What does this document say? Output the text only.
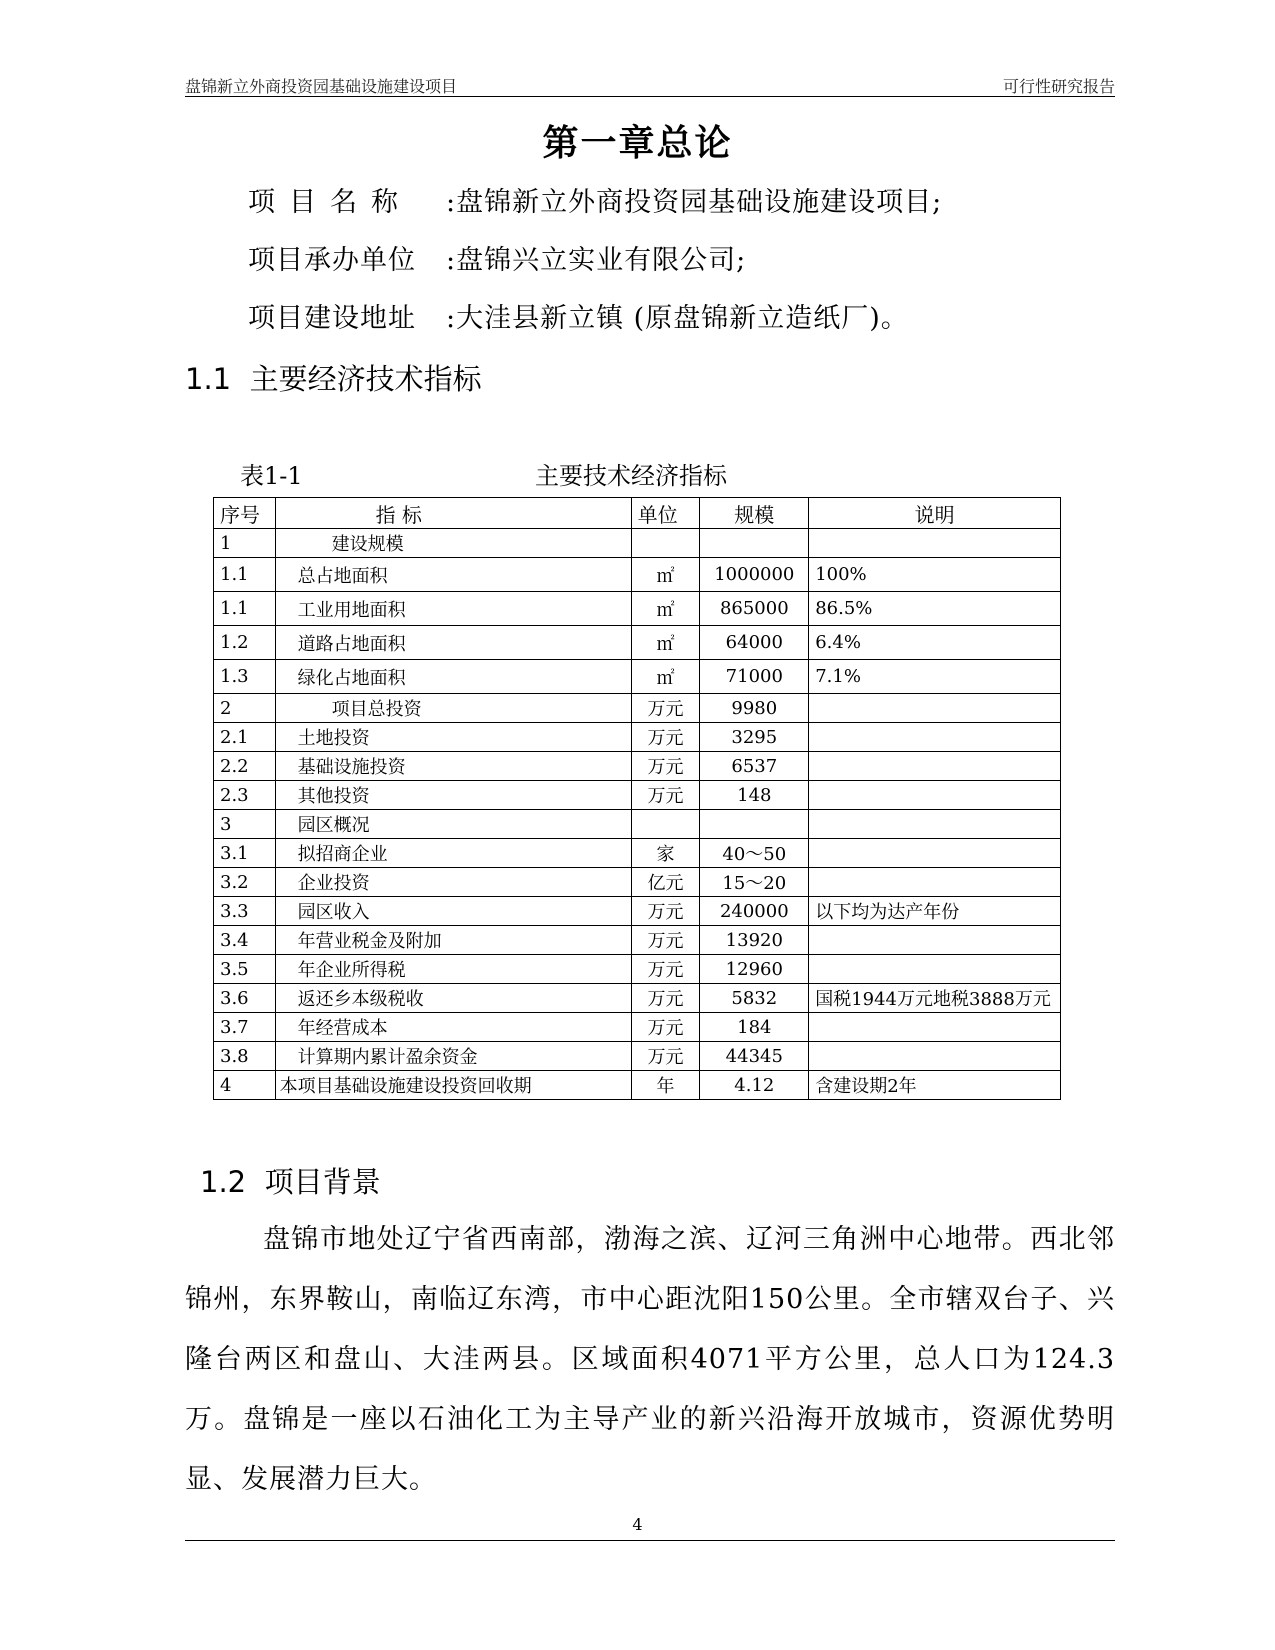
盘锦新立外商投资园基础设施建设项目	可行性研究报告
第一章总论
项目名称 :盘锦新立外商投资园基础设施建设项目;
项目承办单位 :盘锦兴立实业有限公司;
项目建设地址 :大洼县新立镇 (原盘锦新立造纸厂)。
1.1 主要经济技术指标
表1-1	主要技术经济指标
序号	指 标	单位	规模	说明
1	建设规模			
1.1	总占地面积	㎡	1000000	100%
1.1	工业用地面积	㎡	865000	86.5%
1.2	道路占地面积	㎡	64000	6.4%
1.3	绿化占地面积	㎡	71000	7.1%
2	项目总投资	万元	9980	
2.1	土地投资	万元	3295	
2.2	基础设施投资	万元	6537	
2.3	其他投资	万元	148	
3	园区概况			
3.1	拟招商企业	家	40～50	
3.2	企业投资	亿元	15～20	
3.3	园区收入	万元	240000	以下均为达产年份
3.4	年营业税金及附加	万元	13920	
3.5	年企业所得税	万元	12960	
3.6	返还乡本级税收	万元	5832	国税1944万元地税3888万元
3.7	年经营成本	万元	184	
3.8	计算期内累计盈余资金	万元	44345	
4	本项目基础设施建设投资回收期	年	4.12	含建设期2年
1.2 项目背景

盘锦市地处辽宁省西南部，渤海之滨、辽河三角洲中心地带。西北邻锦州，东界鞍山，南临辽东湾，市中心距沈阳150公里。全市辖双台子、兴隆台两区和盘山、大洼两县。区域面积4071平方公里，总人口为124.3万。盘锦是一座以石油化工为主导产业的新兴沿海开放城市，资源优势明显、发展潜力巨大。

4
